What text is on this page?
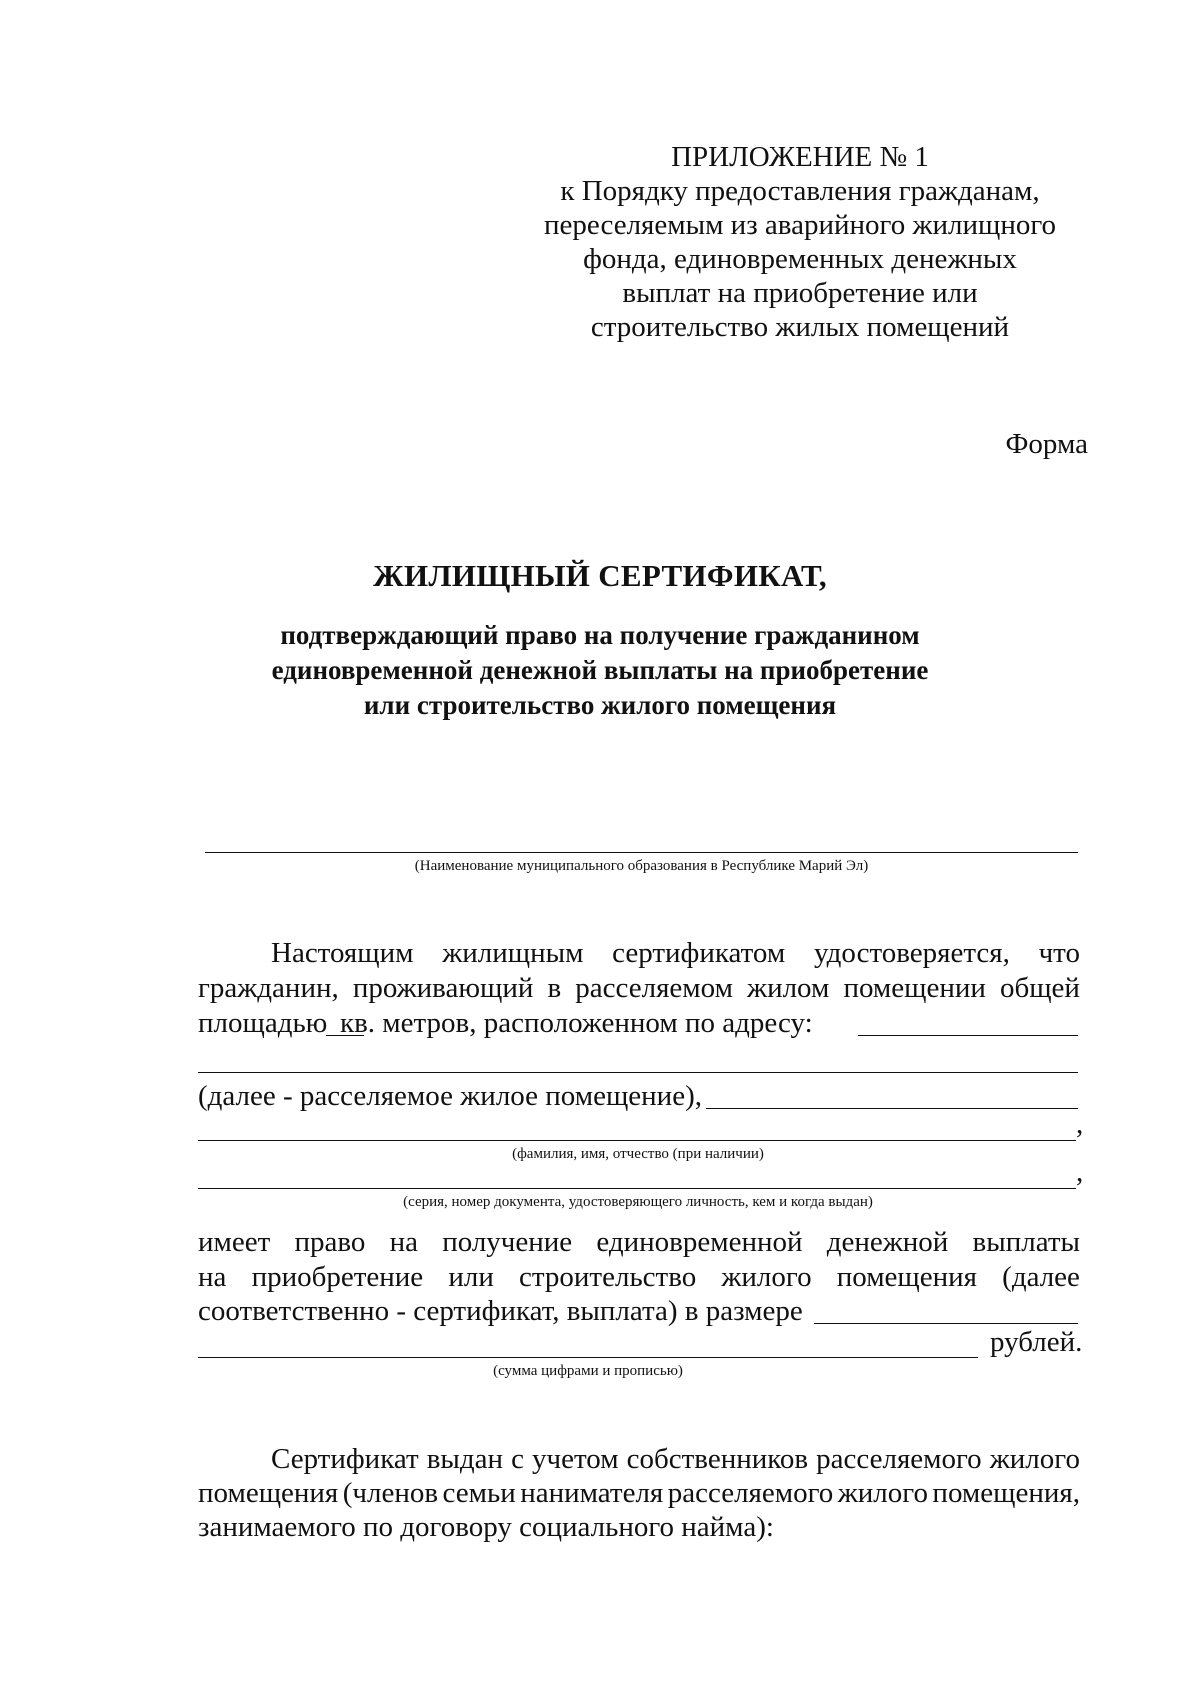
ПРИЛОЖЕНИЕ № 1
к Порядку предоставления гражданам,
переселяемым из аварийного жилищного
фонда, единовременных денежных
выплат на приобретение или
строительство жилых помещений
Форма
ЖИЛИЩНЫЙ СЕРТИФИКАТ,
подтверждающий право на получение гражданином
единовременной денежной выплаты на приобретение
или строительство жилого помещения
(Наименование муниципального образования в Республике Марий Эл)
Настоящим жилищным сертификатом удостоверяется, что
гражданин, проживающий в расселяемом жилом помещении общей
площадью кв. метров, расположенном по адресу:
(далее - расселяемое жилое помещение),
,
(фамилия, имя, отчество (при наличии)
,
(серия, номер документа, удостоверяющего личность, кем и когда выдан)
имеет право на получение единовременной денежной выплаты
на приобретение или строительство жилого помещения (далее
соответственно - сертификат, выплата) в размере
рублей.
(сумма цифрами и прописью)
Сертификат выдан с учетом собственников расселяемого жилого
помещения (членов семьи нанимателя расселяемого жилого помещения,
занимаемого по договору социального найма):
